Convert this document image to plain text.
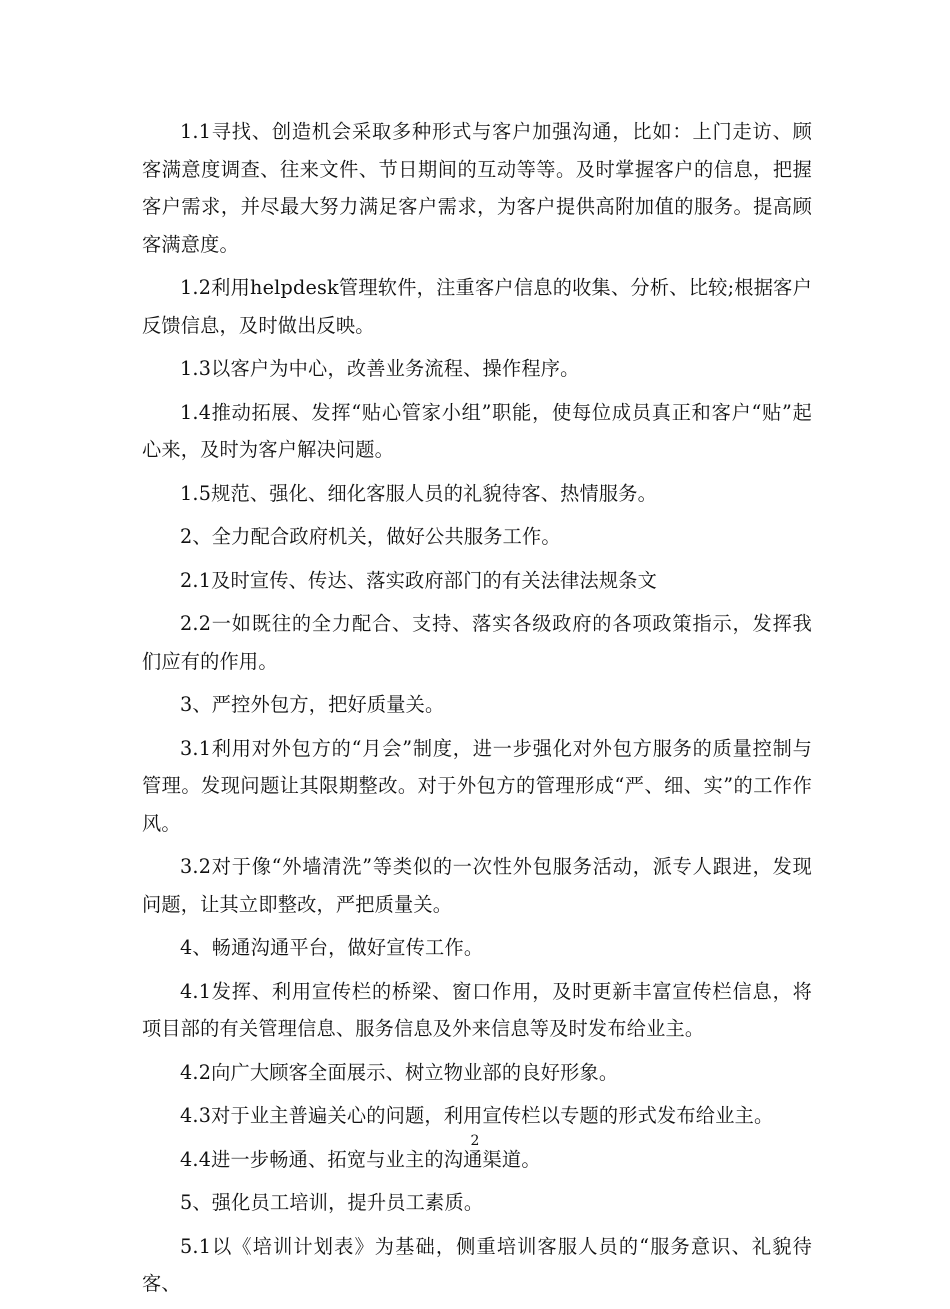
1.1寻找、创造机会采取多种形式与客户加强沟通，比如：上门走访、顾客满意度调查、往来文件、节日期间的互动等等。及时掌握客户的信息，把握客户需求，并尽最大努力满足客户需求，为客户提供高附加值的服务。提高顾客满意度。

1.2利用helpdesk管理软件，注重客户信息的收集、分析、比较;根据客户反馈信息，及时做出反映。

1.3以客户为中心，改善业务流程、操作程序。

1.4推动拓展、发挥“贴心管家小组”职能，使每位成员真正和客户“贴”起心来，及时为客户解决问题。

1.5规范、强化、细化客服人员的礼貌待客、热情服务。

2、全力配合政府机关，做好公共服务工作。

2.1及时宣传、传达、落实政府部门的有关法律法规条文

2.2一如既往的全力配合、支持、落实各级政府的各项政策指示，发挥我们应有的作用。

3、严控外包方，把好质量关。

3.1利用对外包方的“月会”制度，进一步强化对外包方服务的质量控制与管理。发现问题让其限期整改。对于外包方的管理形成“严、细、实”的工作作风。

3.2对于像“外墙清洗”等类似的一次性外包服务活动，派专人跟进，发现问题，让其立即整改，严把质量关。

4、畅通沟通平台，做好宣传工作。

4.1发挥、利用宣传栏的桥梁、窗口作用，及时更新丰富宣传栏信息，将项目部的有关管理信息、服务信息及外来信息等及时发布给业主。

4.2向广大顾客全面展示、树立物业部的良好形象。

4.3对于业主普遍关心的问题，利用宣传栏以专题的形式发布给业主。

4.4进一步畅通、拓宽与业主的沟通渠道。

5、强化员工培训，提升员工素质。

5.1以《培训计划表》为基础，侧重培训客服人员的“服务意识、礼貌待客、

2
